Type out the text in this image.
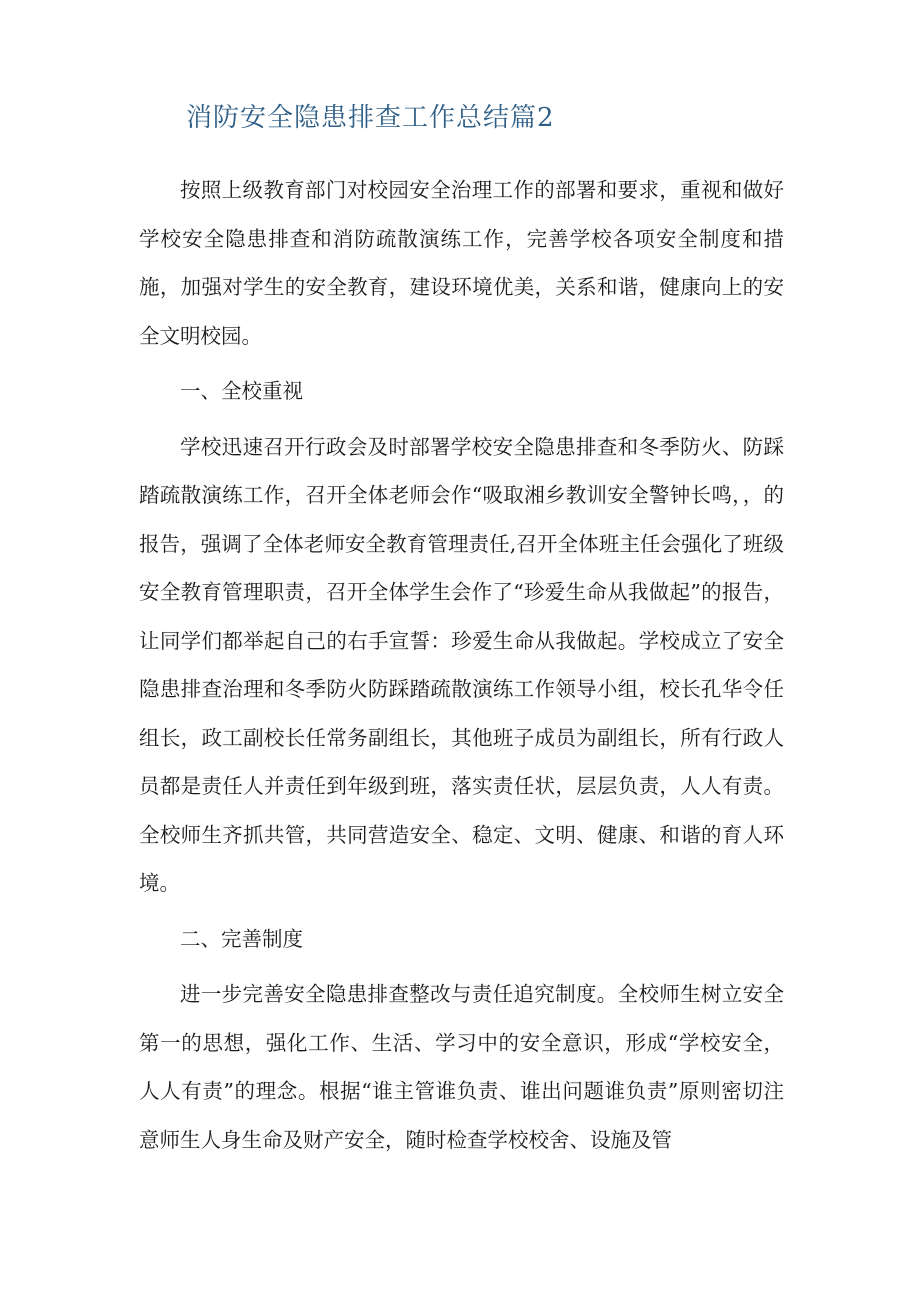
消防安全隐患排查工作总结篇2

按照上级教育部门对校园安全治理工作的部署和要求，重视和做好学校安全隐患排查和消防疏散演练工作，完善学校各项安全制度和措施，加强对学生的安全教育，建设环境优美，关系和谐，健康向上的安全文明校园。

一、全校重视

学校迅速召开行政会及时部署学校安全隐患排查和冬季防火、防踩踏疏散演练工作，召开全体老师会作“吸取湘乡教训安全警钟长鸣，，的报告，强调了全体老师安全教育管理责任,召开全体班主任会强化了班级安全教育管理职责，召开全体学生会作了“珍爱生命从我做起”的报告，让同学们都举起自己的右手宣誓：珍爱生命从我做起。学校成立了安全隐患排查治理和冬季防火防踩踏疏散演练工作领导小组，校长孔华令任组长，政工副校长任常务副组长，其他班子成员为副组长，所有行政人员都是责任人并责任到年级到班，落实责任状，层层负责，人人有责。全校师生齐抓共管，共同营造安全、稳定、文明、健康、和谐的育人环境。

二、完善制度

进一步完善安全隐患排查整改与责任追究制度。全校师生树立安全第一的思想，强化工作、生活、学习中的安全意识，形成“学校安全，人人有责”的理念。根据“谁主管谁负责、谁出问题谁负责”原则密切注意师生人身生命及财产安全，随时检查学校校舍、设施及管
